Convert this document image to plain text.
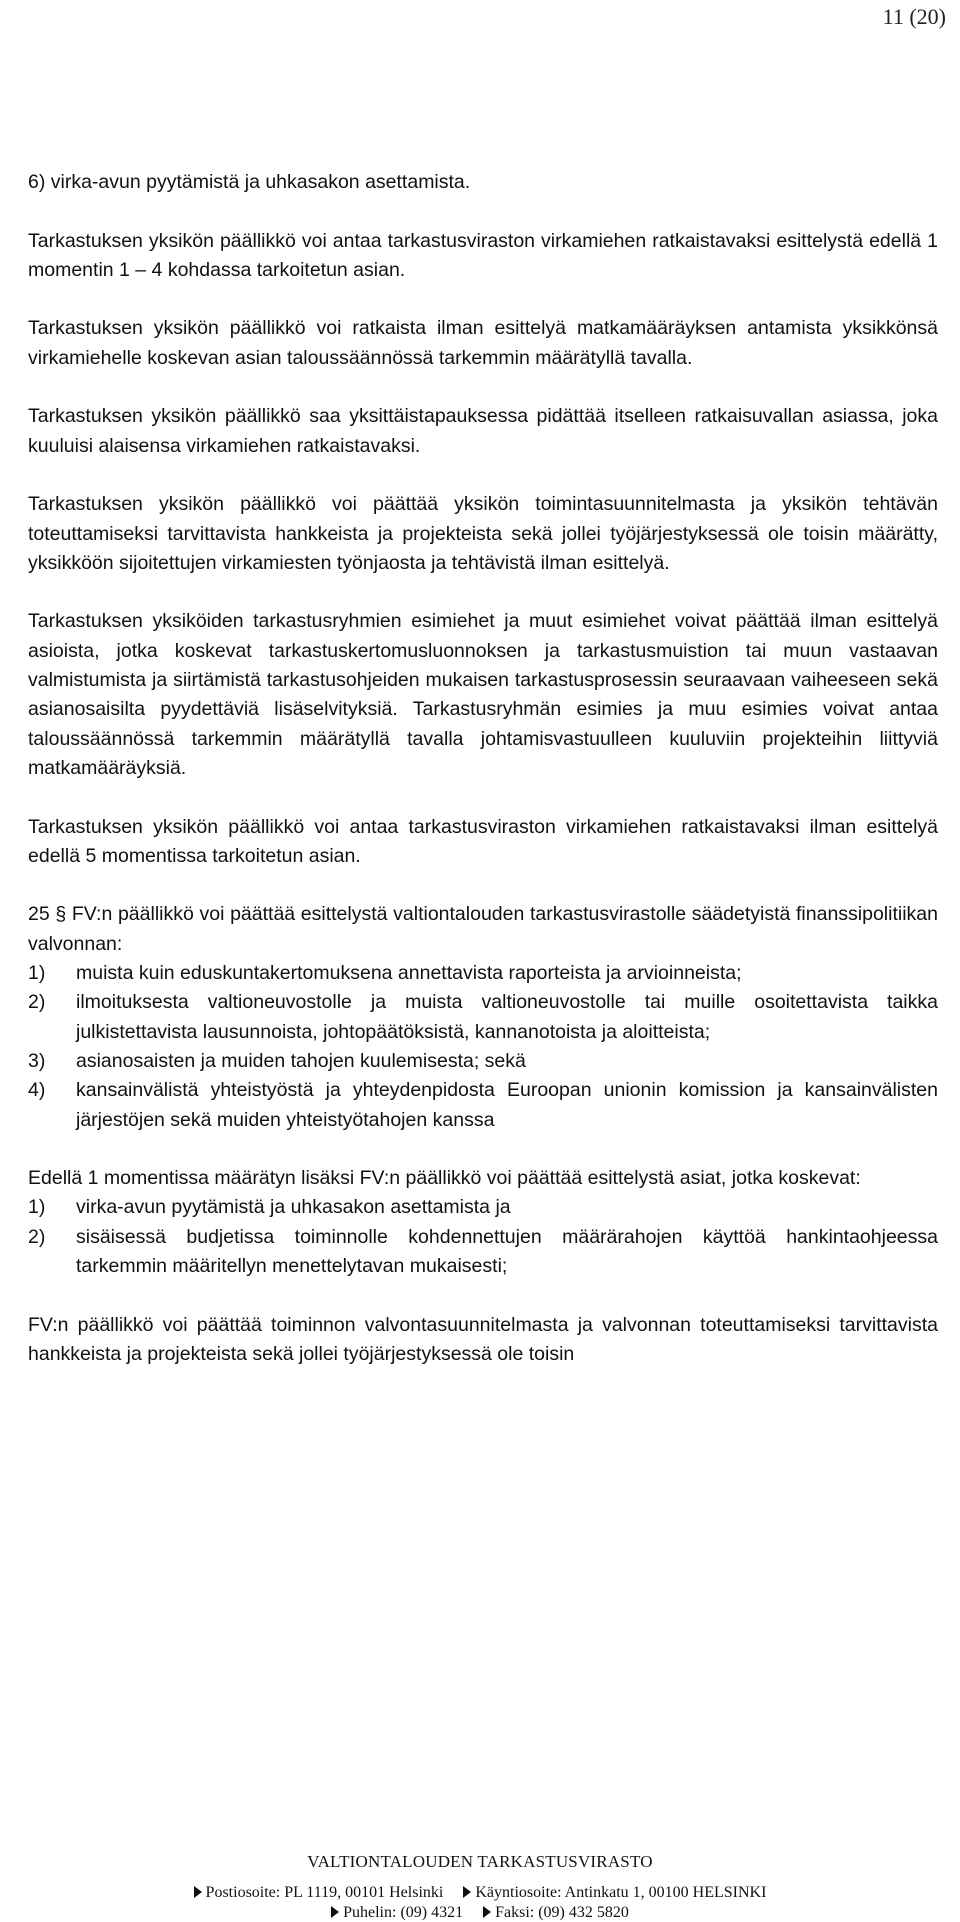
11 (20)

6) virka-avun pyytämistä ja uhkasakon asettamista.

Tarkastuksen yksikön päällikkö voi antaa tarkastusviraston virkamiehen ratkaistavaksi esittelystä edellä 1 momentin 1 – 4 kohdassa tarkoitetun asian.

Tarkastuksen yksikön päällikkö voi ratkaista ilman esittelyä matkamääräyksen antamista yksikkönsä virkamiehelle koskevan asian taloussäännössä tarkemmin määrätyllä tavalla.

Tarkastuksen yksikön päällikkö saa yksittäistapauksessa pidättää itselleen ratkaisuvallan asiassa, joka kuuluisi alaisensa virkamiehen ratkaistavaksi.

Tarkastuksen yksikön päällikkö voi päättää yksikön toimintasuunnitelmasta ja yksikön tehtävän toteuttamiseksi tarvittavista hankkeista ja projekteista sekä jollei työjärjestyksessä ole toisin määrätty, yksikköön sijoitettujen virkamiesten työnjaosta ja tehtävistä ilman esittelyä.

Tarkastuksen yksiköiden tarkastusryhmien esimiehet ja muut esimiehet voivat päättää ilman esittelyä asioista, jotka koskevat tarkastuskertomusluonnoksen ja tarkastusmuistion tai muun vastaavan valmistumista ja siirtämistä tarkastusohjeiden mukaisen tarkastusprosessin seuraavaan vaiheeseen sekä asianosaisilta pyydettäviä lisäselvityksiä. Tarkastusryhmän esimies ja muu esimies voivat antaa taloussäännössä tarkemmin määrätyllä tavalla johtamisvastuulleen kuuluviin projekteihin liittyviä matkamääräyksiä.

Tarkastuksen yksikön päällikkö voi antaa tarkastusviraston virkamiehen ratkaistavaksi ilman esittelyä edellä 5 momentissa tarkoitetun asian.

25 § FV:n päällikkö voi päättää esittelystä valtiontalouden tarkastusvirastolle säädetyistä finanssipolitiikan valvonnan:

1) muista kuin eduskuntakertomuksena annettavista raporteista ja arvioinneista;
2) ilmoituksesta valtioneuvostolle ja muista valtioneuvostolle tai muille osoitettavista taikka julkistettavista lausunnoista, johtopäätöksistä, kannanotoista ja aloitteista;
3) asianosaisten ja muiden tahojen kuulemisesta; sekä
4) kansainvälistä yhteistyöstä ja yhteydenpidosta Euroopan unionin komission ja kansainvälisten järjestöjen sekä muiden yhteistyötahojen kanssa

Edellä 1 momentissa määrätyn lisäksi FV:n päällikkö voi päättää esittelystä asiat, jotka koskevat:

1) virka-avun pyytämistä ja uhkasakon asettamista ja
2) sisäisessä budjetissa toiminnolle kohdennettujen määrärahojen käyttöä hankintaohjeessa tarkemmin määritellyn menettelytavan mukaisesti;

FV:n päällikkö voi päättää toiminnon valvontasuunnitelmasta ja valvonnan toteuttamiseksi tarvittavista hankkeista ja projekteista sekä jollei työjärjestyksessä ole toisin

VALTIONTALOUDEN TARKASTUSVIRASTO
Postiosoite: PL 1119, 00101 Helsinki Käyntiosoite: Antinkatu 1, 00100 HELSINKI
Puhelin: (09) 4321 Faksi: (09) 432 5820
